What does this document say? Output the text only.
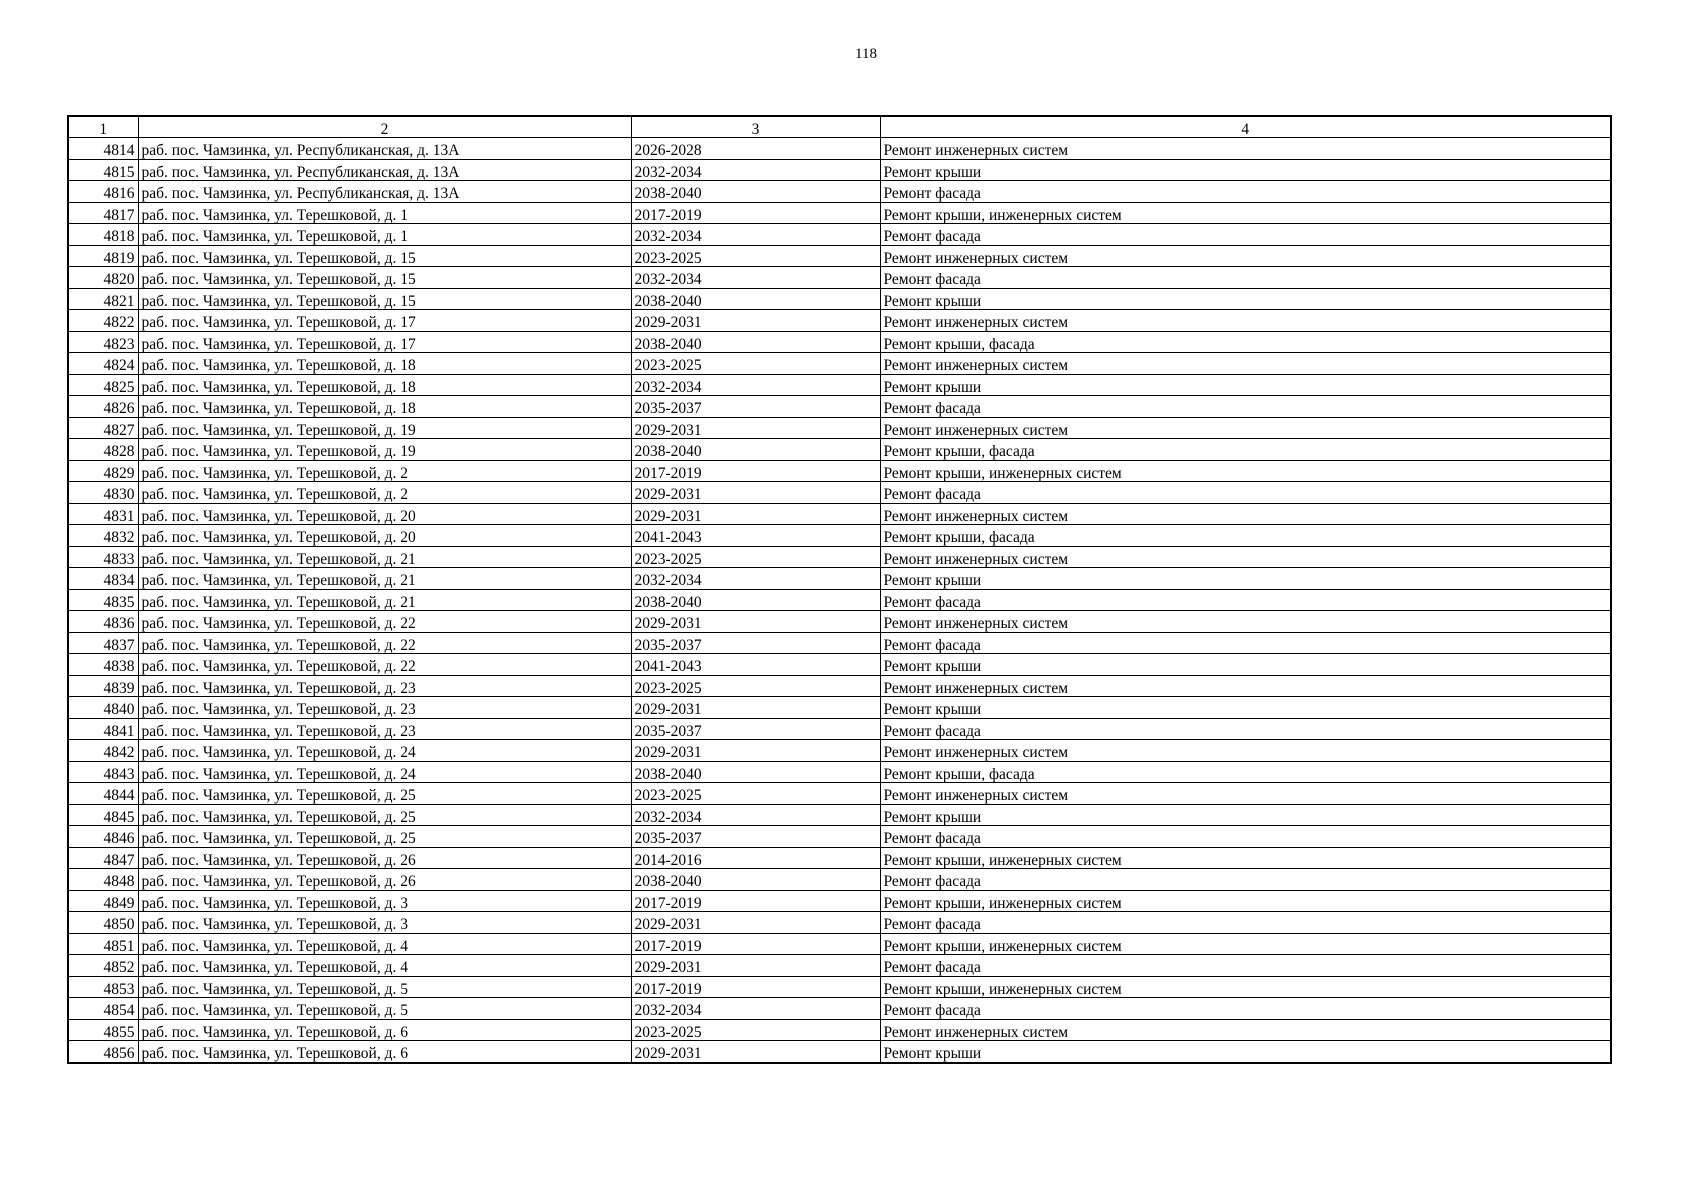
118
1	2	3	4
4814	раб. пос. Чамзинка, ул. Республиканская, д. 13А	2026-2028	Ремонт инженерных систем
4815	раб. пос. Чамзинка, ул. Республиканская, д. 13А	2032-2034	Ремонт крыши
4816	раб. пос. Чамзинка, ул. Республиканская, д. 13А	2038-2040	Ремонт фасада
4817	раб. пос. Чамзинка, ул. Терешковой, д. 1	2017-2019	Ремонт крыши, инженерных систем
4818	раб. пос. Чамзинка, ул. Терешковой, д. 1	2032-2034	Ремонт фасада
4819	раб. пос. Чамзинка, ул. Терешковой, д. 15	2023-2025	Ремонт инженерных систем
4820	раб. пос. Чамзинка, ул. Терешковой, д. 15	2032-2034	Ремонт фасада
4821	раб. пос. Чамзинка, ул. Терешковой, д. 15	2038-2040	Ремонт крыши
4822	раб. пос. Чамзинка, ул. Терешковой, д. 17	2029-2031	Ремонт инженерных систем
4823	раб. пос. Чамзинка, ул. Терешковой, д. 17	2038-2040	Ремонт крыши, фасада
4824	раб. пос. Чамзинка, ул. Терешковой, д. 18	2023-2025	Ремонт инженерных систем
4825	раб. пос. Чамзинка, ул. Терешковой, д. 18	2032-2034	Ремонт крыши
4826	раб. пос. Чамзинка, ул. Терешковой, д. 18	2035-2037	Ремонт фасада
4827	раб. пос. Чамзинка, ул. Терешковой, д. 19	2029-2031	Ремонт инженерных систем
4828	раб. пос. Чамзинка, ул. Терешковой, д. 19	2038-2040	Ремонт крыши, фасада
4829	раб. пос. Чамзинка, ул. Терешковой, д. 2	2017-2019	Ремонт крыши, инженерных систем
4830	раб. пос. Чамзинка, ул. Терешковой, д. 2	2029-2031	Ремонт фасада
4831	раб. пос. Чамзинка, ул. Терешковой, д. 20	2029-2031	Ремонт инженерных систем
4832	раб. пос. Чамзинка, ул. Терешковой, д. 20	2041-2043	Ремонт крыши, фасада
4833	раб. пос. Чамзинка, ул. Терешковой, д. 21	2023-2025	Ремонт инженерных систем
4834	раб. пос. Чамзинка, ул. Терешковой, д. 21	2032-2034	Ремонт крыши
4835	раб. пос. Чамзинка, ул. Терешковой, д. 21	2038-2040	Ремонт фасада
4836	раб. пос. Чамзинка, ул. Терешковой, д. 22	2029-2031	Ремонт инженерных систем
4837	раб. пос. Чамзинка, ул. Терешковой, д. 22	2035-2037	Ремонт фасада
4838	раб. пос. Чамзинка, ул. Терешковой, д. 22	2041-2043	Ремонт крыши
4839	раб. пос. Чамзинка, ул. Терешковой, д. 23	2023-2025	Ремонт инженерных систем
4840	раб. пос. Чамзинка, ул. Терешковой, д. 23	2029-2031	Ремонт крыши
4841	раб. пос. Чамзинка, ул. Терешковой, д. 23	2035-2037	Ремонт фасада
4842	раб. пос. Чамзинка, ул. Терешковой, д. 24	2029-2031	Ремонт инженерных систем
4843	раб. пос. Чамзинка, ул. Терешковой, д. 24	2038-2040	Ремонт крыши, фасада
4844	раб. пос. Чамзинка, ул. Терешковой, д. 25	2023-2025	Ремонт инженерных систем
4845	раб. пос. Чамзинка, ул. Терешковой, д. 25	2032-2034	Ремонт крыши
4846	раб. пос. Чамзинка, ул. Терешковой, д. 25	2035-2037	Ремонт фасада
4847	раб. пос. Чамзинка, ул. Терешковой, д. 26	2014-2016	Ремонт крыши, инженерных систем
4848	раб. пос. Чамзинка, ул. Терешковой, д. 26	2038-2040	Ремонт фасада
4849	раб. пос. Чамзинка, ул. Терешковой, д. 3	2017-2019	Ремонт крыши, инженерных систем
4850	раб. пос. Чамзинка, ул. Терешковой, д. 3	2029-2031	Ремонт фасада
4851	раб. пос. Чамзинка, ул. Терешковой, д. 4	2017-2019	Ремонт крыши, инженерных систем
4852	раб. пос. Чамзинка, ул. Терешковой, д. 4	2029-2031	Ремонт фасада
4853	раб. пос. Чамзинка, ул. Терешковой, д. 5	2017-2019	Ремонт крыши, инженерных систем
4854	раб. пос. Чамзинка, ул. Терешковой, д. 5	2032-2034	Ремонт фасада
4855	раб. пос. Чамзинка, ул. Терешковой, д. 6	2023-2025	Ремонт инженерных систем
4856	раб. пос. Чамзинка, ул. Терешковой, д. 6	2029-2031	Ремонт крыши
